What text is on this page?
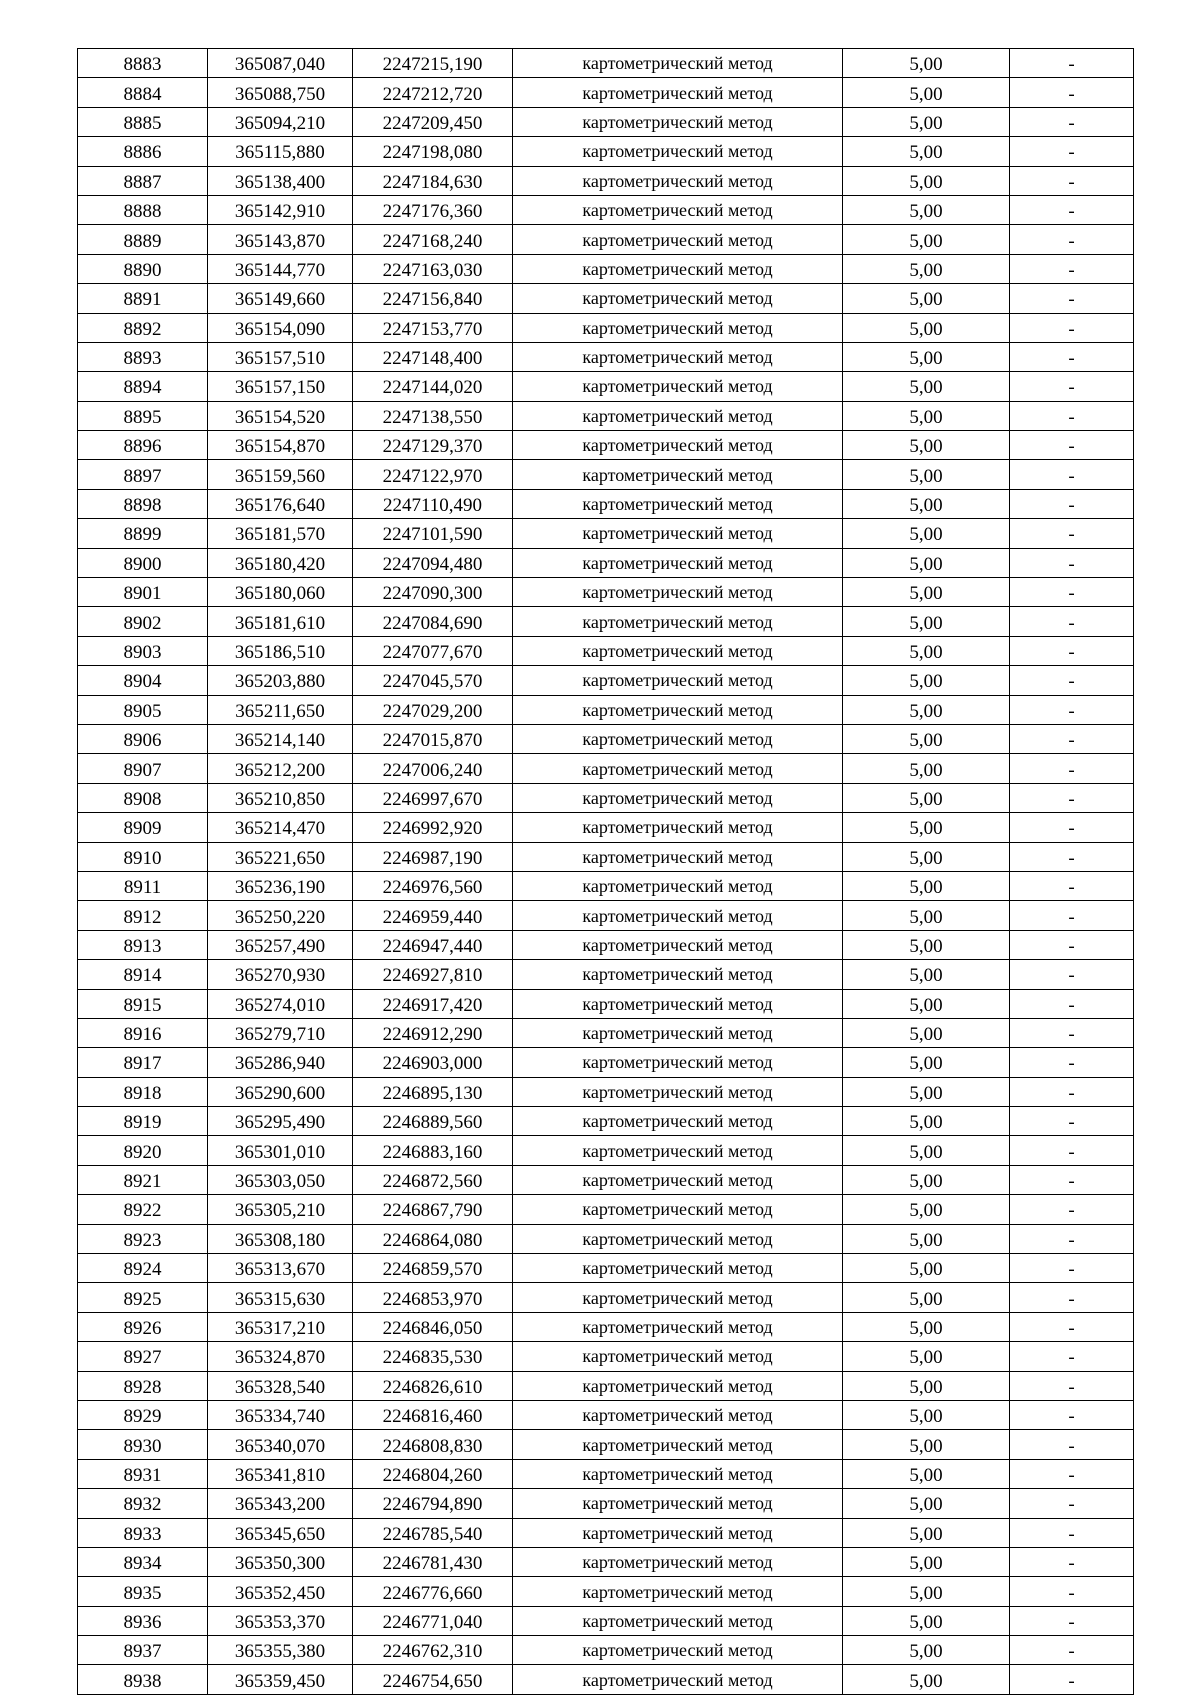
8883	365087,040	2247215,190	картометрический метод	5,00	-
8884	365088,750	2247212,720	картометрический метод	5,00	-
8885	365094,210	2247209,450	картометрический метод	5,00	-
8886	365115,880	2247198,080	картометрический метод	5,00	-
8887	365138,400	2247184,630	картометрический метод	5,00	-
8888	365142,910	2247176,360	картометрический метод	5,00	-
8889	365143,870	2247168,240	картометрический метод	5,00	-
8890	365144,770	2247163,030	картометрический метод	5,00	-
8891	365149,660	2247156,840	картометрический метод	5,00	-
8892	365154,090	2247153,770	картометрический метод	5,00	-
8893	365157,510	2247148,400	картометрический метод	5,00	-
8894	365157,150	2247144,020	картометрический метод	5,00	-
8895	365154,520	2247138,550	картометрический метод	5,00	-
8896	365154,870	2247129,370	картометрический метод	5,00	-
8897	365159,560	2247122,970	картометрический метод	5,00	-
8898	365176,640	2247110,490	картометрический метод	5,00	-
8899	365181,570	2247101,590	картометрический метод	5,00	-
8900	365180,420	2247094,480	картометрический метод	5,00	-
8901	365180,060	2247090,300	картометрический метод	5,00	-
8902	365181,610	2247084,690	картометрический метод	5,00	-
8903	365186,510	2247077,670	картометрический метод	5,00	-
8904	365203,880	2247045,570	картометрический метод	5,00	-
8905	365211,650	2247029,200	картометрический метод	5,00	-
8906	365214,140	2247015,870	картометрический метод	5,00	-
8907	365212,200	2247006,240	картометрический метод	5,00	-
8908	365210,850	2246997,670	картометрический метод	5,00	-
8909	365214,470	2246992,920	картометрический метод	5,00	-
8910	365221,650	2246987,190	картометрический метод	5,00	-
8911	365236,190	2246976,560	картометрический метод	5,00	-
8912	365250,220	2246959,440	картометрический метод	5,00	-
8913	365257,490	2246947,440	картометрический метод	5,00	-
8914	365270,930	2246927,810	картометрический метод	5,00	-
8915	365274,010	2246917,420	картометрический метод	5,00	-
8916	365279,710	2246912,290	картометрический метод	5,00	-
8917	365286,940	2246903,000	картометрический метод	5,00	-
8918	365290,600	2246895,130	картометрический метод	5,00	-
8919	365295,490	2246889,560	картометрический метод	5,00	-
8920	365301,010	2246883,160	картометрический метод	5,00	-
8921	365303,050	2246872,560	картометрический метод	5,00	-
8922	365305,210	2246867,790	картометрический метод	5,00	-
8923	365308,180	2246864,080	картометрический метод	5,00	-
8924	365313,670	2246859,570	картометрический метод	5,00	-
8925	365315,630	2246853,970	картометрический метод	5,00	-
8926	365317,210	2246846,050	картометрический метод	5,00	-
8927	365324,870	2246835,530	картометрический метод	5,00	-
8928	365328,540	2246826,610	картометрический метод	5,00	-
8929	365334,740	2246816,460	картометрический метод	5,00	-
8930	365340,070	2246808,830	картометрический метод	5,00	-
8931	365341,810	2246804,260	картометрический метод	5,00	-
8932	365343,200	2246794,890	картометрический метод	5,00	-
8933	365345,650	2246785,540	картометрический метод	5,00	-
8934	365350,300	2246781,430	картометрический метод	5,00	-
8935	365352,450	2246776,660	картометрический метод	5,00	-
8936	365353,370	2246771,040	картометрический метод	5,00	-
8937	365355,380	2246762,310	картометрический метод	5,00	-
8938	365359,450	2246754,650	картометрический метод	5,00	-
